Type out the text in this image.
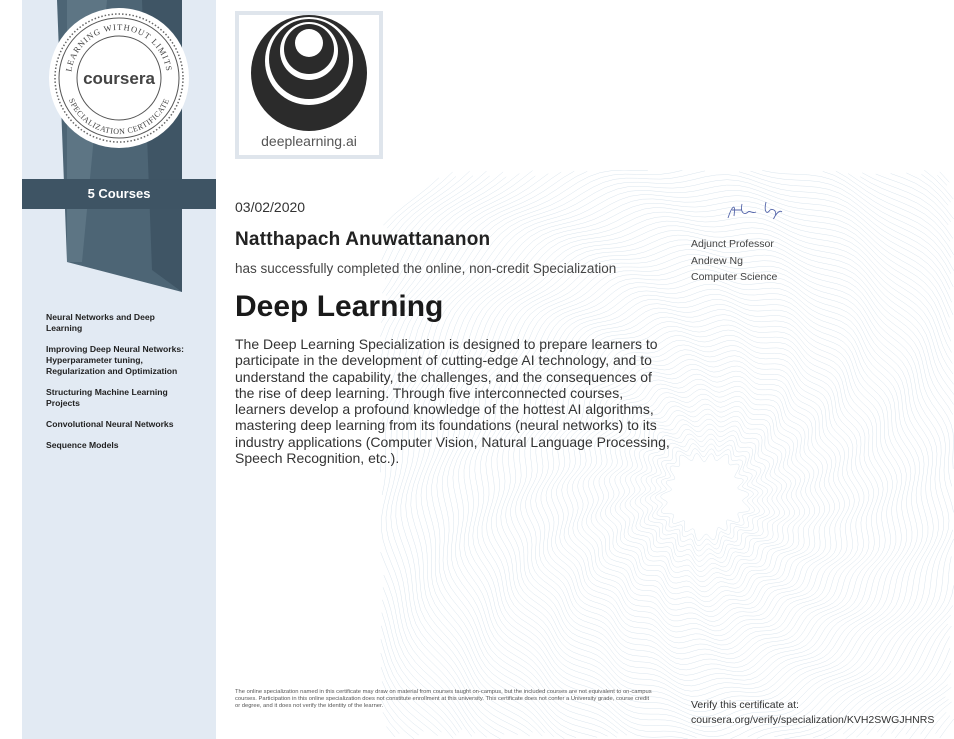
LEARNING WITHOUT LIMITS
SPECIALIZATION CERTIFICATE
coursera
5 Courses
Neural Networks and Deep Learning
Improving Deep Neural Networks: Hyperparameter tuning, Regularization and Optimization
Structuring Machine Learning Projects
Convolutional Neural Networks
Sequence Models
deeplearning.ai
03/02/2020
Natthapach Anuwattananon
has successfully completed the online, non-credit Specialization
Deep Learning
The Deep Learning Specialization is designed to prepare learners to participate in the development of cutting-edge AI technology, and to understand the capability, the challenges, and the consequences of the rise of deep learning. Through five interconnected courses, learners develop a profound knowledge of the hottest AI algorithms, mastering deep learning from its foundations (neural networks) to its industry applications (Computer Vision, Natural Language Processing, Speech Recognition, etc.).
Adjunct Professor
Andrew Ng
Computer Science
The online specialization named in this certificate may draw on material from courses taught on-campus, but the included courses are not equivalent to on-campus courses. Participation in this online specialization does not constitute enrollment at this university. This certificate does not confer a University grade, course credit or degree, and it does not verify the identity of the learner.	Verify this certificate at:
coursera.org/verify/specialization/KVH2SWGJHNRS
